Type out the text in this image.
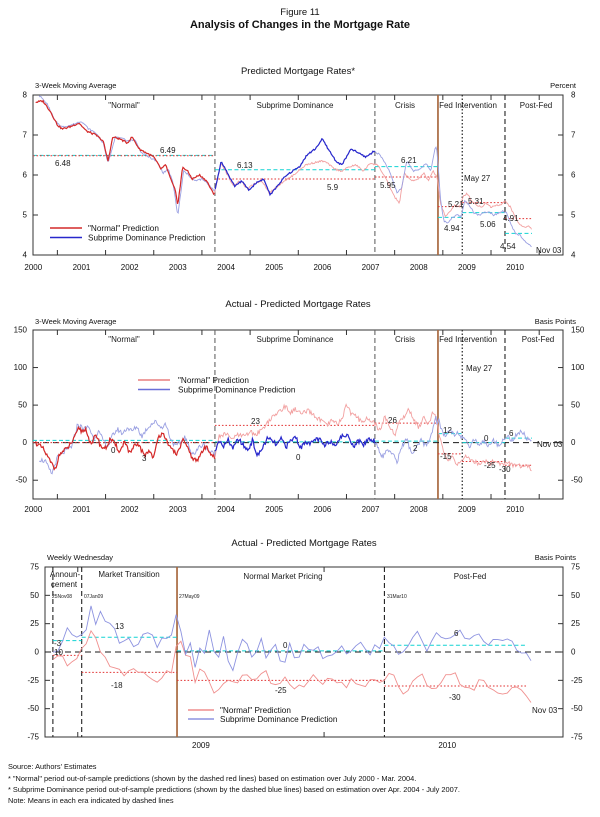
Figure 11
Analysis of Changes in the Mortgage Rate
Predicted Mortgage Rates*
3-Week Moving Average	Percent
4	4
5	5
6	6
7	7
8	8
2000	2001	2002	2003	2004	2005	2006	2007	2008	2009	2010
"Normal"	Subprime Dominance	Crisis	Fed Intervention	Post-Fed
6.48
6.49
6.13
5.9
6.21
5.95
May 27
5.21 5.31
4.94	5.06
4.91
4.54	Nov 03
"Normal" Prediction
Subprime Dominance Prediction
Actual - Predicted Mortgage Rates
3-Week Moving Average	Basis Points
-50	-50
0	0
50	50
100	100
150	150
2000	2001	2002	2003	2004	2005	2006	2007	2008	2009	2010
"Normal"	Subprime Dominance	Crisis	Fed Intervention	Post-Fed
0
3
23
0
26
2
May 27
12
-15
0
6
-25 -30
Nov 03
"Normal" Prediction
Subprime Dominance Prediction
Actual - Predicted Mortgage Rates
Weekly Wednesday	Basis Points
-75	-75
-50	-50
-25	-25
0	0
25	25
50	50
75	75
2009	2010
Announ-
cement
Market Transition	Normal Market Pricing	Post-Fed
25Nov08 07Jan09	27May09	31Mar10
-3
10
13
-18
0
-25
6
-30
Nov 03
"Normal" Prediction
Subprime Dominance Prediction
Source: Authors' Estimates
* "Normal" period out-of-sample predictions (shown by the dashed red lines) based on estimation over July 2000 - Mar. 2004.
* Subprime Dominance period out-of-sample predictions (shown by the dashed blue lines) based on estimation over Apr. 2004 - July 2007.
Note: Means in each era indicated by dashed lines
